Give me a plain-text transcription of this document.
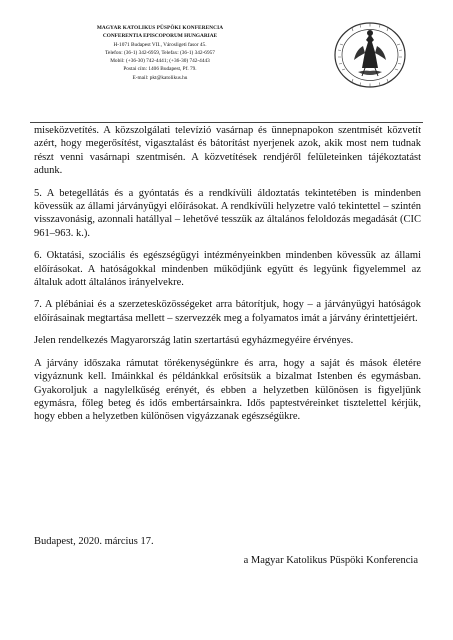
MAGYAR KATOLIKUS PÜSPÖKI KONFERENCIA
CONFERENTIA EPISCOPORUM HUNGARIAE
H-1071 Budapest VII., Városligeti fasor 45.
Telefon: (36-1) 342-6959, Telefax: (36-1) 342-6957
Mobil: (+36-30) 742-4441; (+36-30) 742-4443
Postai cím: 1406 Budapest, Pf. 79.
E-mail: pkt@katolikus.hu

miseközvetítés. A közszolgálati televízió vasárnap és ünnepnapokon szentmisét közvetít azért, hogy megerősítést, vigasztalást és bátorítást nyerjenek azok, akik most nem tudnak részt venni vasárnapi szentmisén. A közvetítések rendjéről felületeinken tájékoztatást adunk.

5. A betegellátás és a gyóntatás és a rendkívüli áldoztatás tekintetében is mindenben kövessük az állami járványügyi előírásokat. A rendkívüli helyzetre való tekintettel – szintén visszavonásig, azonnali hatállyal – lehetővé tesszük az általános feloldozás megadását (CIC 961–963. k.).

6. Oktatási, szociális és egészségügyi intézményeinkben mindenben kövessük az állami előírásokat. A hatóságokkal mindenben működjünk együtt és legyünk figyelemmel az általuk adott általános irányelvekre.

7. A plébániai és a szerzetesközösségeket arra bátorítjuk, hogy – a járványügyi hatóságok előírásainak megtartása mellett – szervezzék meg a folyamatos imát a járvány érintettjeiért.

Jelen rendelkezés Magyarország latin szertartású egyházmegyéire érvényes.

A járvány időszaka rámutat törékenységünkre és arra, hogy a saját és mások életére vigyáznunk kell. Imáinkkal és példánkkal erősítsük a bizalmat Istenben és egymásban. Gyakoroljuk a nagylelkűség erényét, és ebben a helyzetben különösen is figyeljünk egymásra, főleg beteg és idős embertársainkra. Idős paptestvéreinket tisztelettel kérjük, hogy ebben a helyzetben különösen vigyázzanak egészségükre.

Budapest, 2020. március 17.
a Magyar Katolikus Püspöki Konferencia
